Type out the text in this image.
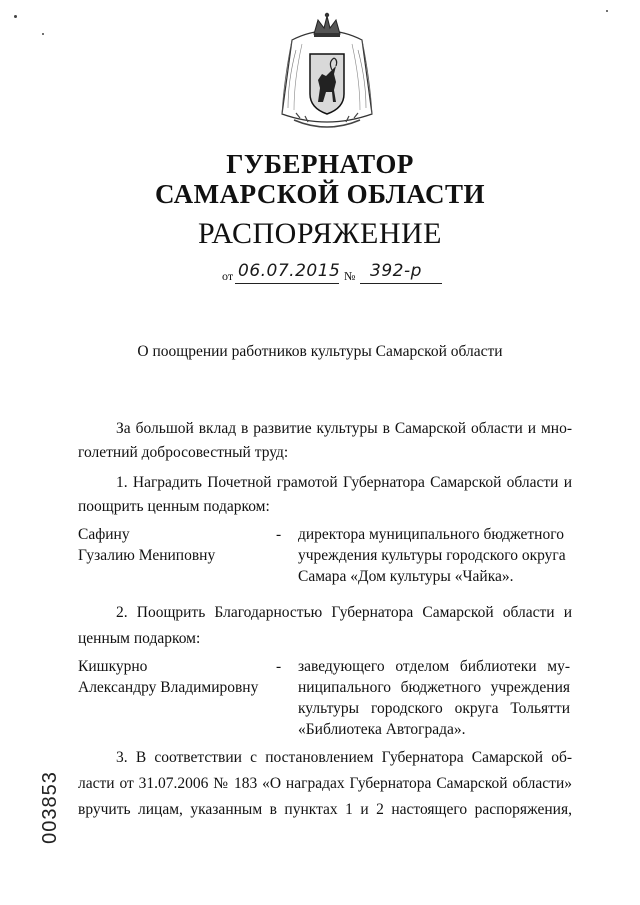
ГУБЕРНАТОР
САМАРСКОЙ ОБЛАСТИ
РАСПОРЯЖЕНИЕ
от 06.07.2015 № 392-р
О поощрении работников культуры Самарской области
За большой вклад в развитие культуры в Самарской области и мно-
голетний добросовестный труд:
1. Наградить Почетной грамотой Губернатора Самарской области и
поощрить ценным подарком:
Сафину
Гузалию Мениповну
- директора муниципального бюджетного
учреждения культуры городского округа
Самара «Дом культуры «Чайка».
2. Поощрить Благодарностью Губернатора Самарской области и
ценным подарком:
Кишкурно
Александру Владимировну
- заведующего отделом библиотеки му-
ниципального бюджетного учреждения
культуры городского округа Тольятти
«Библиотека Автограда».
3. В соответствии с постановлением Губернатора Самарской об-
ласти от 31.07.2006 № 183 «О наградах Губернатора Самарской области»
вручить лицам, указанным в пунктах 1 и 2 настоящего распоряжения,
003853
